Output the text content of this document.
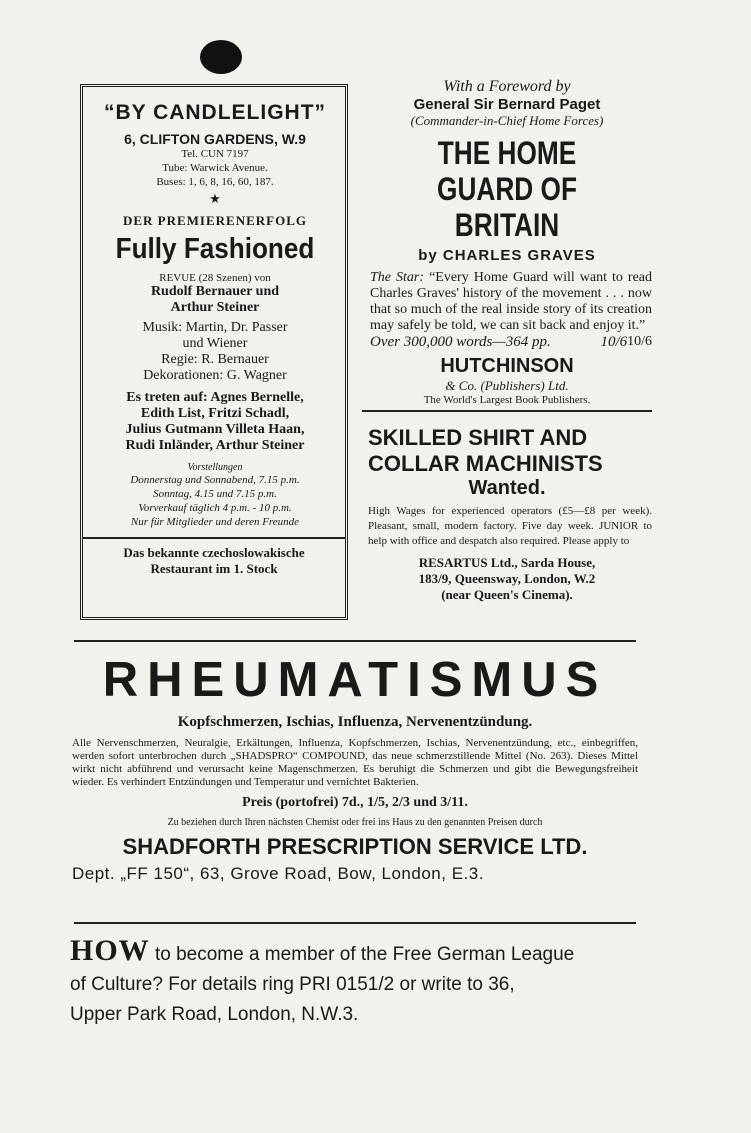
“BY CANDLELIGHT”
6, CLIFTON GARDENS, W.9
Tel. CUN 7197
Tube: Warwick Avenue.
Buses: 1, 6, 8, 16, 60, 187.
★
DER PREMIERENERFOLG
Fully Fashioned
REVUE (28 Szenen) von
Rudolf Bernauer und
Arthur Steiner
Musik: Martin, Dr. Passer
und Wiener
Regie: R. Bernauer
Dekorationen: G. Wagner
Es treten auf: Agnes Bernelle,
Edith List, Fritzi Schadl,
Julius Gutmann Villeta Haan,
Rudi Inländer, Arthur Steiner
Vorstellungen
Donnerstag und Sonnabend, 7.15 p.m.
Sonntag, 4.15 und 7.15 p.m.
Vorverkauf täglich 4 p.m. - 10 p.m.
Nur für Mitglieder und deren Freunde
Das bekannte czechoslowakische
Restaurant im 1. Stock
With a Foreword by
General Sir Bernard Paget
(Commander-in-Chief Home Forces)
THE HOME
GUARD OF BRITAIN
by CHARLES GRAVES
The Star: “Every Home Guard will want to read Charles Graves' history of the movement . . . now that so much of the real inside story of its creation may safely be told, we can sit back and enjoy it.”
10/6
Over 300,000 words—364 pp.	10/6
HUTCHINSON
& Co. (Publishers) Ltd.
The World's Largest Book Publishers.
SKILLED SHIRT AND
COLLAR MACHINISTS
Wanted.
High Wages for experienced operators (£5—£8 per week). Pleasant, small, modern factory. Five day week. JUNIOR to help with office and despatch also required. Please apply to
RESARTUS Ltd., Sarda House,
183/9, Queensway, London, W.2
(near Queen's Cinema).
RHEUMATISMUS
Kopfschmerzen, Ischias, Influenza, Nervenentzündung.
Alle Nervenschmerzen, Neuralgie, Erkältungen, Influenza, Kopfschmerzen, Ischias, Nervenentzündung, etc., einbegriffen, werden sofort unterbrochen durch „SHADSPRO“ COMPOUND, das neue schmerzstillende Mittel (No. 263). Dieses Mittel wirkt nicht abführend und verursacht keine Magenschmerzen. Es beruhigt die Schmerzen und gibt die Bewegungsfreiheit wieder. Es verhindert Entzündungen und Temperatur und vernichtet Bakterien.
Preis (portofrei) 7d., 1/5, 2/3 und 3/11.
Zu beziehen durch Ihren nächsten Chemist oder frei ins Haus zu den genannten Preisen durch
SHADFORTH PRESCRIPTION SERVICE LTD.
Dept. „FF 150“, 63, Grove Road, Bow, London, E.3.
HOW to become a member of the Free German League
of Culture? For details ring PRI 0151/2 or write to 36,
Upper Park Road, London, N.W.3.
